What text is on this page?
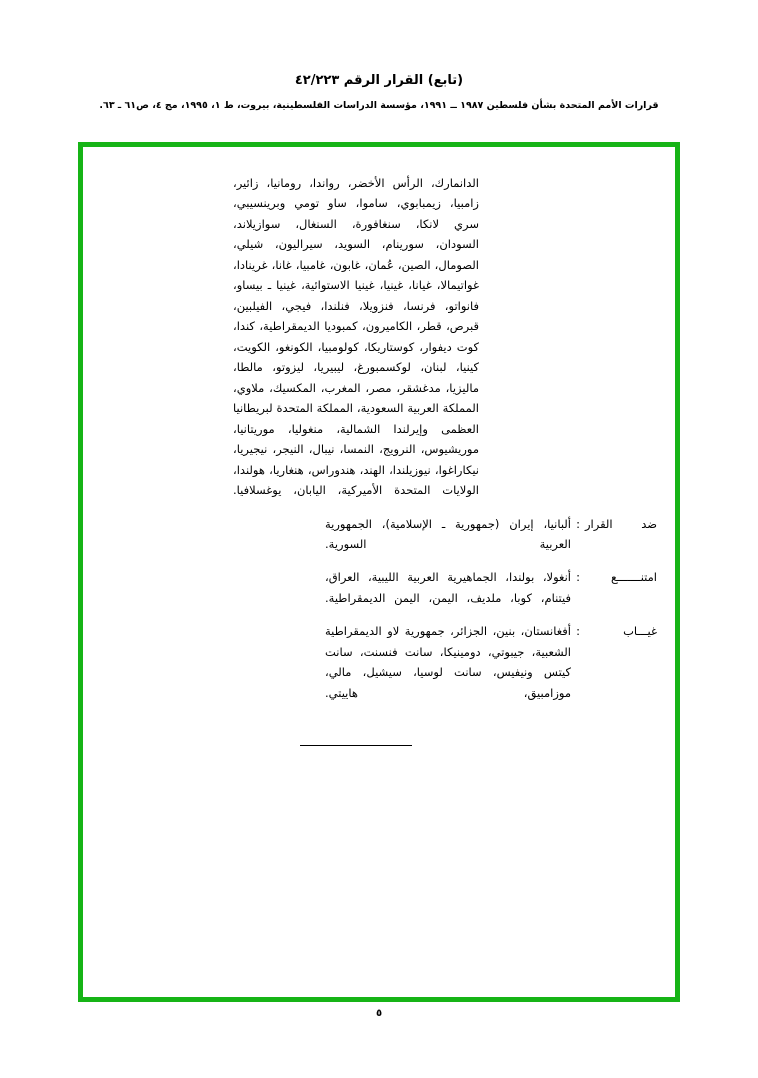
(تابع) القرار الرقم ٤٢/٢٢٣
قرارات الأمم المتحدة بشأن فلسطين ١٩٨٧ ــ ١٩٩١، مؤسسة الدراسات الفلسطينية، بيروت، ط ١، ١٩٩٥، مج ٤، ص٦١ ـ ٦٣.
الدانمارك، الرأس الأخضر، رواندا، رومانيا، زائير، زامبيا، زيمبابوي، ساموا، ساو تومي وبرينسيبي، سري لانكا، سنغافورة، السنغال، سوازيلاند، السودان، سورينام، السويد، سيراليون، شيلي، الصومال، الصين، عُمان، غابون، غامبيا، غانا، غرينادا، غواتيمالا، غيانا، غينيا، غينيا الاستوائية، غينيا ـ بيساو، فانواتو، فرنسا، فنزويلا، فنلندا، فيجي، الفيلبين، قبرص، قطر، الكاميرون، كمبوديا الديمقراطية، كندا، كوت ديفوار، كوستاريكا، كولومبيا، الكونغو، الكويت، كينيا، لبنان، لوكسمبورغ، ليبيريا، ليزوتو، مالطا، ماليزيا، مدغشقر، مصر، المغرب، المكسيك، ملاوي، المملكة العربية السعودية، المملكة المتحدة لبريطانيا العظمى وإيرلندا الشمالية، منغوليا، موريتانيا، موريشيوس، النرويج، النمسا، نيبال، النيجر، نيجيريا، نيكاراغوا، نيوزيلندا، الهند، هندوراس، هنغاريا، هولندا، الولايات المتحدة الأميركية، اليابان، يوغسلافيا.
ضد القرار
:
ألبانيا، إيران (جمهورية ـ الإسلامية)، الجمهورية العربية السورية.
امتنـــــــع
:
أنغولا، بولندا، الجماهيرية العربية الليبية، العراق، فيتنام، كوبا، ملديف، اليمن، اليمن الديمقراطية.
غيـــاب
:
أفغانستان، بنين، الجزائر، جمهورية لاو الديمقراطية الشعبية، جيبوتي، دومينيكا، سانت فنسنت، سانت كيتس ونيفيس، سانت لوسيا، سيشيل، مالي، موزامبيق، هاييتي.
٥
